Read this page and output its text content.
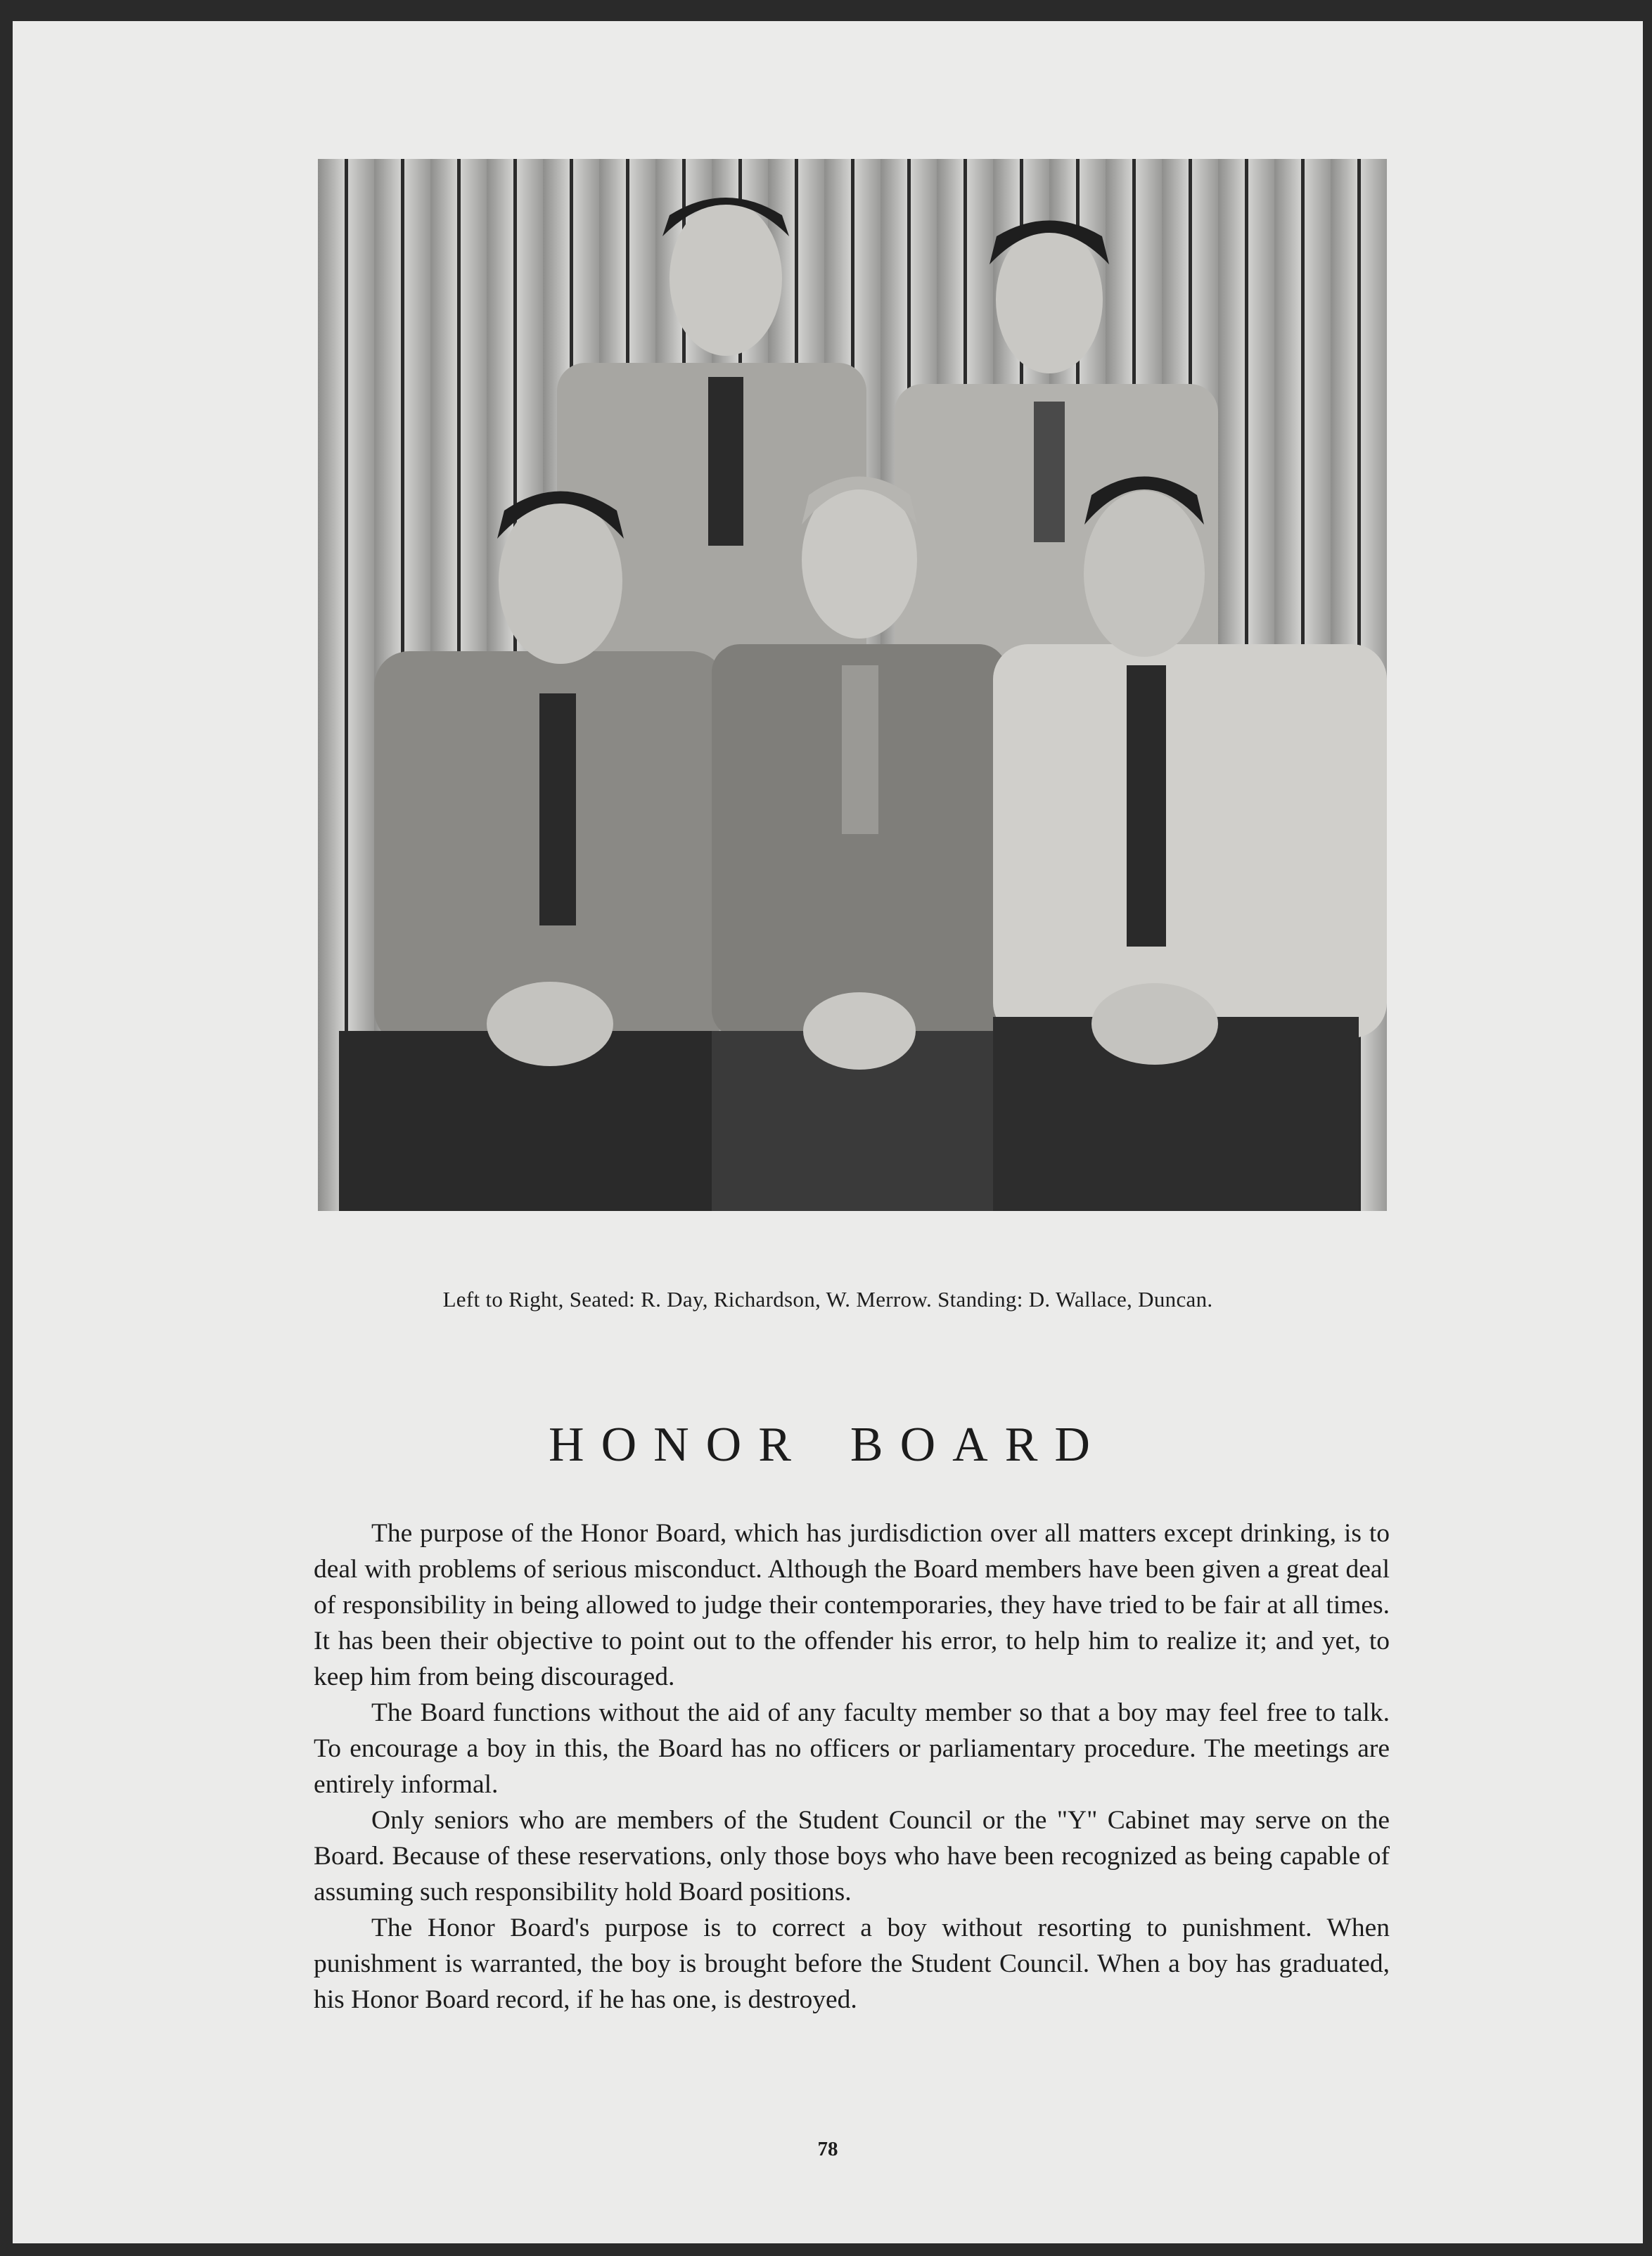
Left to Right, Seated: R. Day, Richardson, W. Merrow. Standing: D. Wallace, Duncan.
HONOR BOARD

The purpose of the Honor Board, which has jurdisdiction over all matters except drinking, is to deal with problems of serious misconduct. Although the Board members have been given a great deal of responsibility in being allowed to judge their contemporaries, they have tried to be fair at all times. It has been their objective to point out to the offender his error, to help him to realize it; and yet, to keep him from being discouraged.

The Board functions without the aid of any faculty member so that a boy may feel free to talk. To encourage a boy in this, the Board has no officers or parliamentary procedure. The meetings are entirely informal.

Only seniors who are members of the Student Council or the "Y" Cabinet may serve on the Board. Because of these reservations, only those boys who have been recognized as being capable of assuming such responsibility hold Board positions.

The Honor Board's purpose is to correct a boy without resorting to punishment. When punishment is warranted, the boy is brought before the Student Council. When a boy has graduated, his Honor Board record, if he has one, is destroyed.

78
